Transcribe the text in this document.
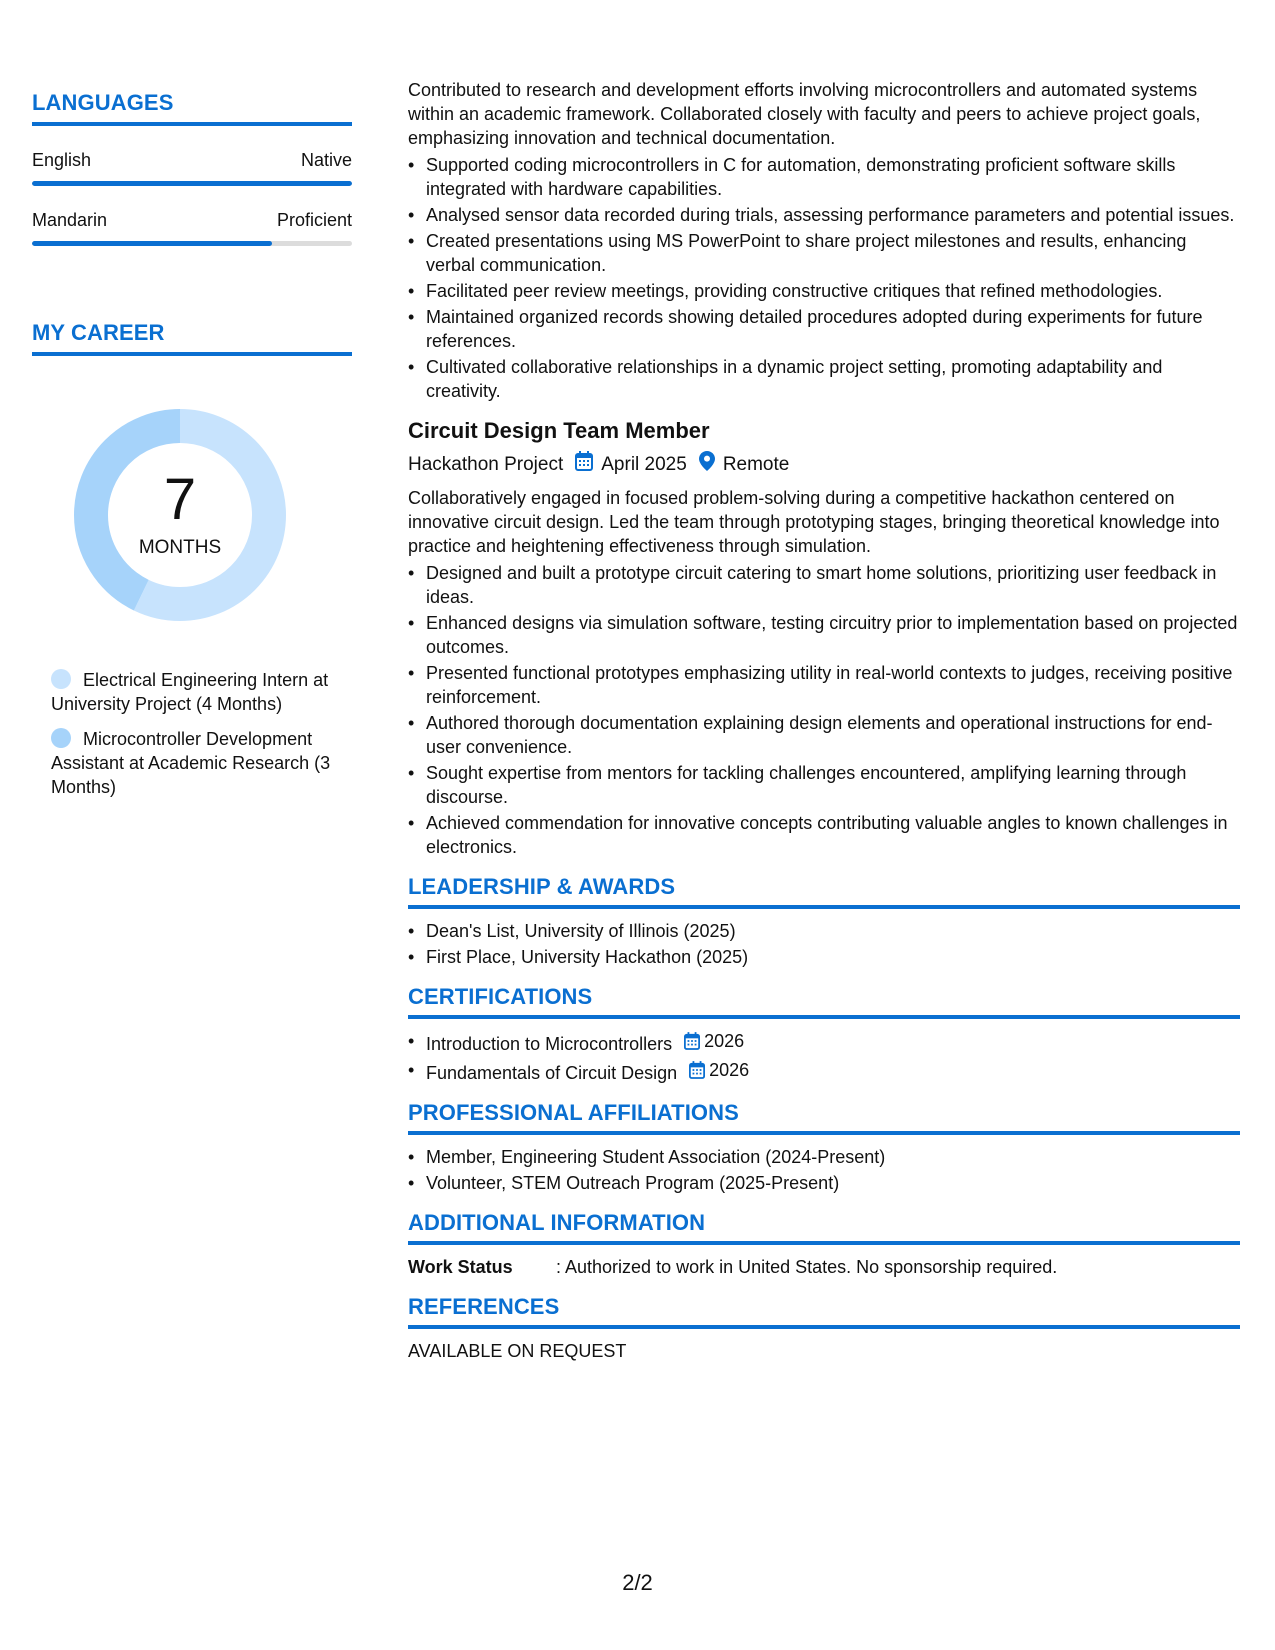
LANGUAGES
English	Native
Mandarin	Proficient
MY CAREER
7
MONTHS
Electrical Engineering Intern at University Project (4 Months)
Microcontroller Development Assistant at Academic Research (3 Months)
Contributed to research and development efforts involving microcontrollers and automated systems within an academic framework. Collaborated closely with faculty and peers to achieve project goals, emphasizing innovation and technical documentation.
• Supported coding microcontrollers in C for automation, demonstrating proficient software skills integrated with hardware capabilities.
• Analysed sensor data recorded during trials, assessing performance parameters and potential issues.
• Created presentations using MS PowerPoint to share project milestones and results, enhancing verbal communication.
• Facilitated peer review meetings, providing constructive critiques that refined methodologies.
• Maintained organized records showing detailed procedures adopted during experiments for future references.
• Cultivated collaborative relationships in a dynamic project setting, promoting adaptability and creativity.
Circuit Design Team Member
Hackathon Project April 2025 Remote
Collaboratively engaged in focused problem-solving during a competitive hackathon centered on innovative circuit design. Led the team through prototyping stages, bringing theoretical knowledge into practice and heightening effectiveness through simulation.
• Designed and built a prototype circuit catering to smart home solutions, prioritizing user feedback in ideas.
• Enhanced designs via simulation software, testing circuitry prior to implementation based on projected outcomes.
• Presented functional prototypes emphasizing utility in real-world contexts to judges, receiving positive reinforcement.
• Authored thorough documentation explaining design elements and operational instructions for end-user convenience.
• Sought expertise from mentors for tackling challenges encountered, amplifying learning through discourse.
• Achieved commendation for innovative concepts contributing valuable angles to known challenges in electronics.
LEADERSHIP & AWARDS
• Dean's List, University of Illinois (2025)
• First Place, University Hackathon (2025)
CERTIFICATIONS
• Introduction to Microcontrollers 2026
• Fundamentals of Circuit Design 2026
PROFESSIONAL AFFILIATIONS
• Member, Engineering Student Association (2024-Present)
• Volunteer, STEM Outreach Program (2025-Present)
ADDITIONAL INFORMATION
Work Status	: Authorized to work in United States. No sponsorship required.
REFERENCES
AVAILABLE ON REQUEST
2/2
